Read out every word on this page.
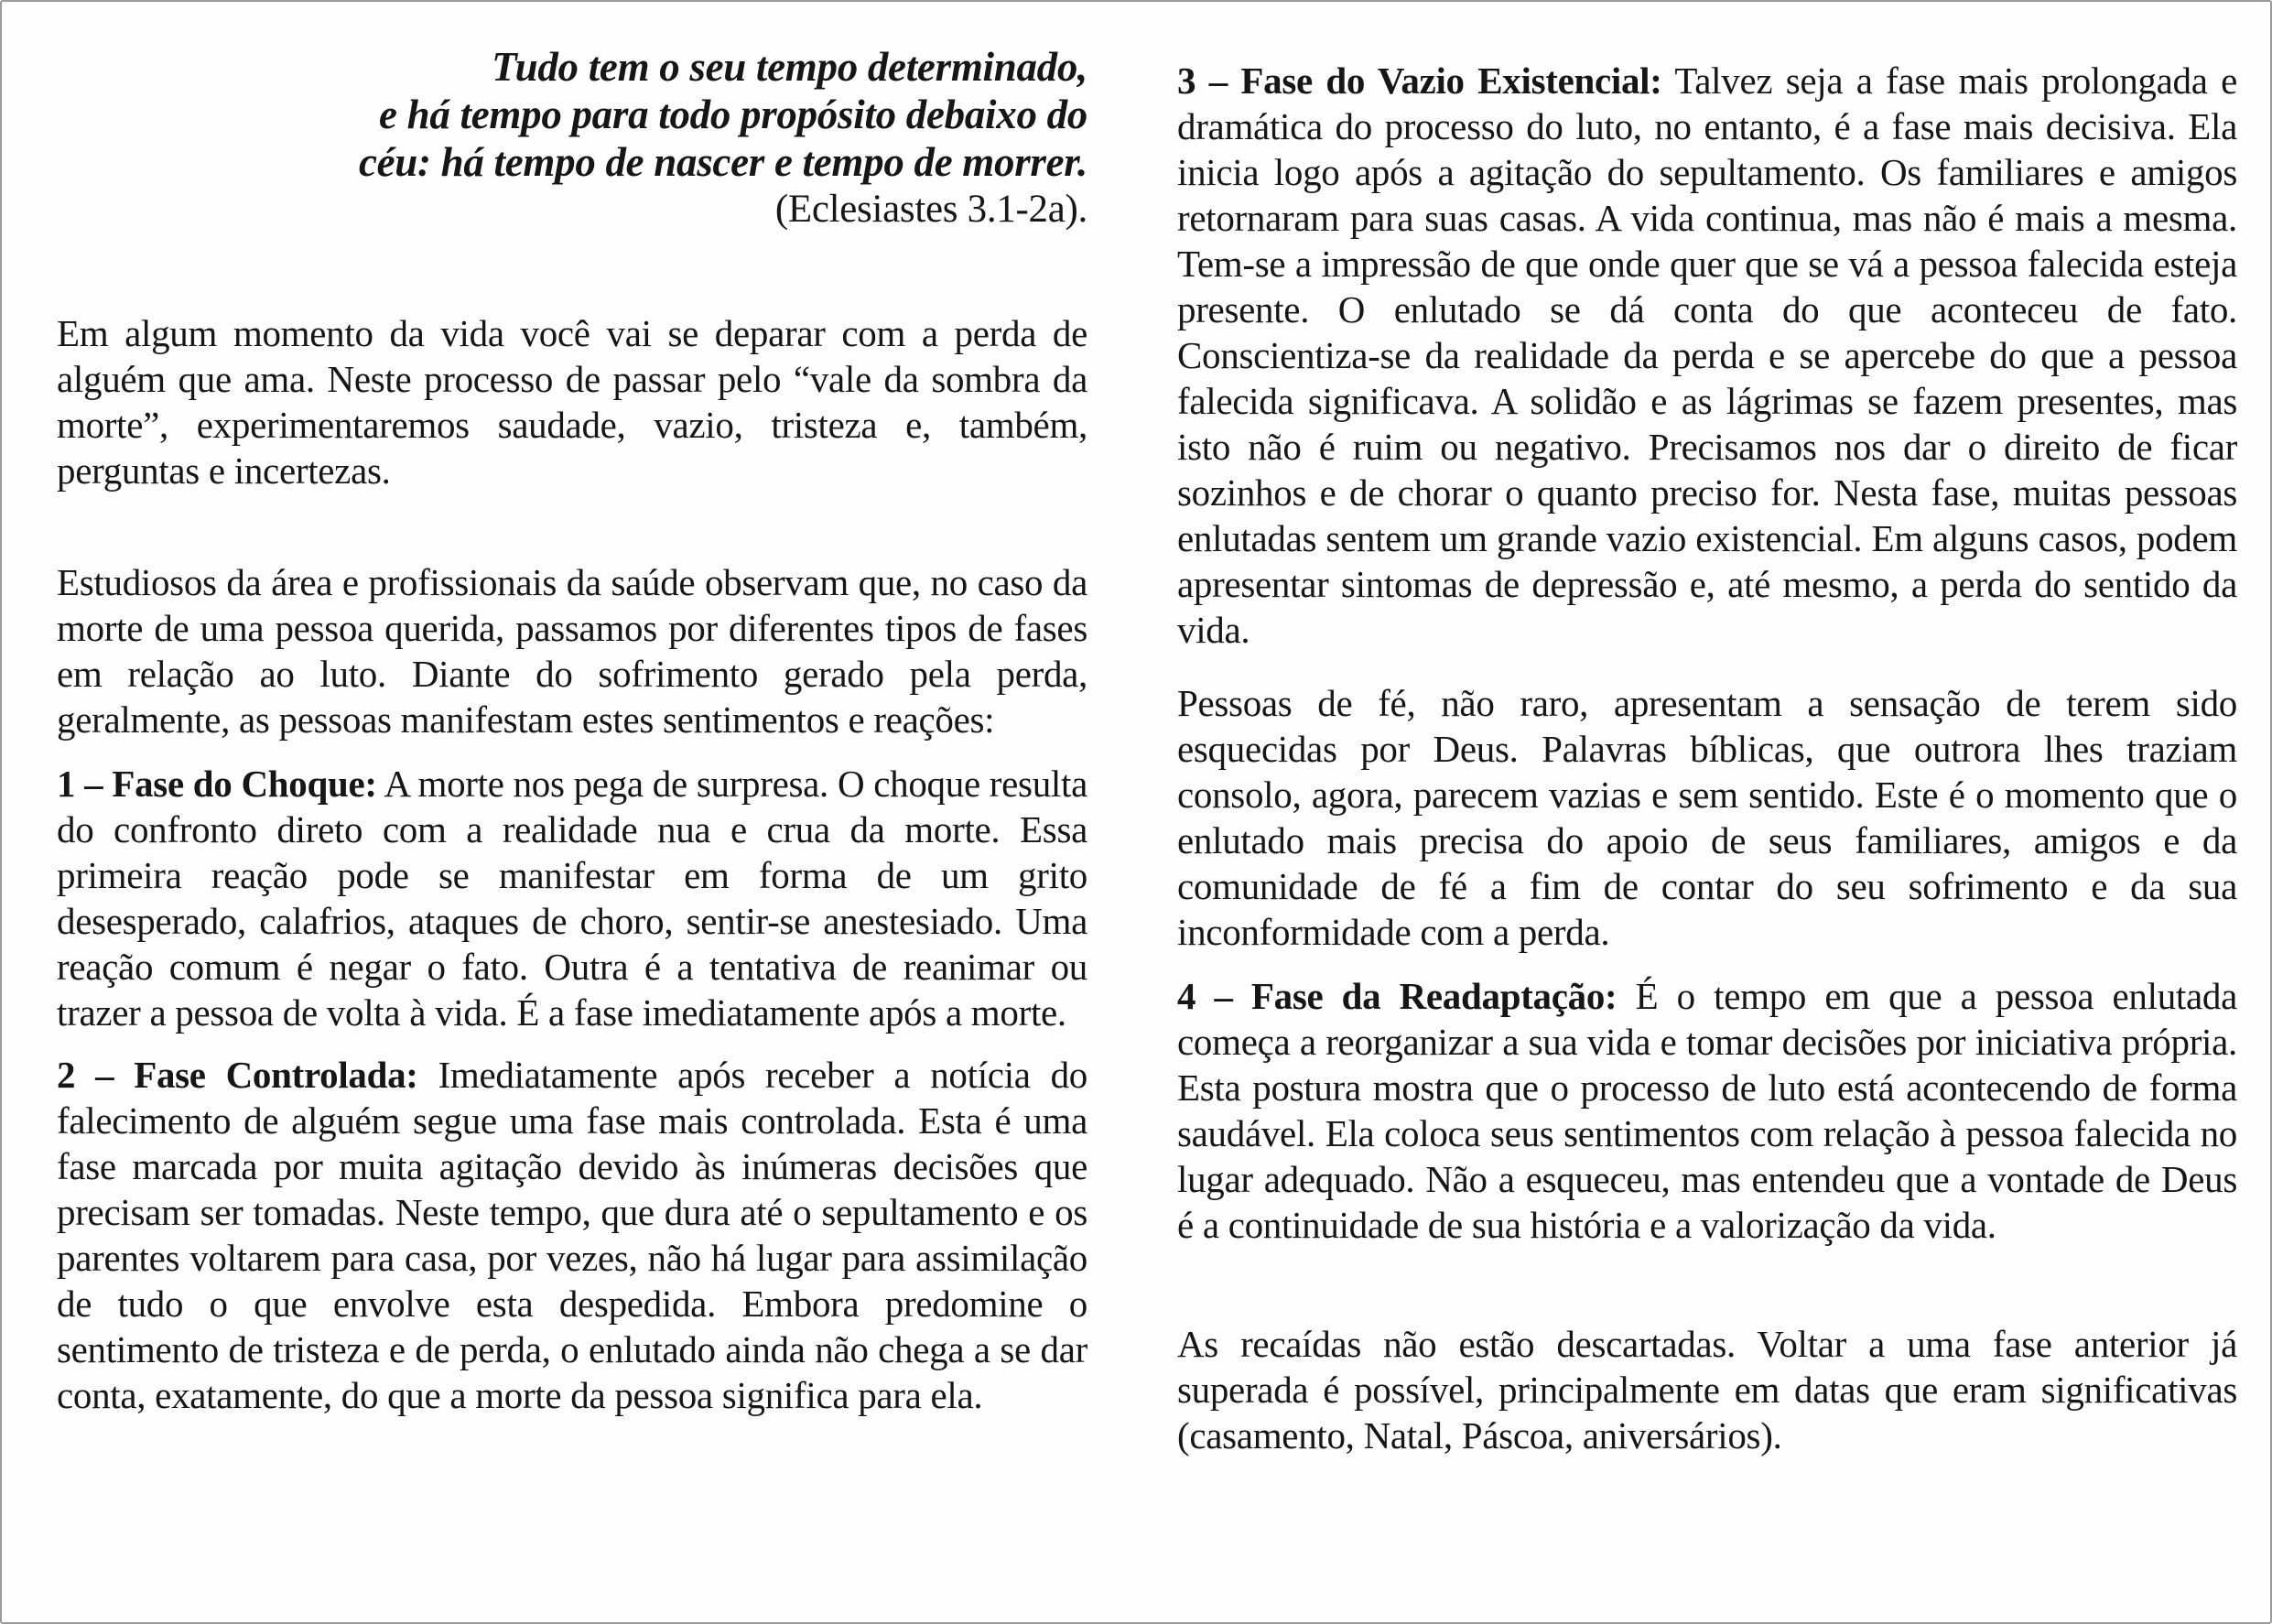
Tudo tem o seu tempo determinado,
e há tempo para todo propósito debaixo do
céu: há tempo de nascer e tempo de morrer.
(Eclesiastes 3.1-2a).

Em algum momento da vida você vai se deparar com a perda de alguém que ama. Neste processo de passar pelo “vale da sombra da morte”, experimentaremos saudade, vazio, tristeza e, também, perguntas e incertezas.

Estudiosos da área e profissionais da saúde observam que, no caso da morte de uma pessoa querida, passamos por diferentes tipos de fases em relação ao luto. Diante do sofrimento gerado pela perda, geralmente, as pessoas manifestam estes sentimentos e reações:

1 – Fase do Choque: A morte nos pega de surpresa. O choque resulta do confronto direto com a realidade nua e crua da morte. Essa primeira reação pode se manifestar em forma de um grito desesperado, calafrios, ataques de choro, sentir-se anestesiado. Uma reação comum é negar o fato. Outra é a tentativa de reanimar ou trazer a pessoa de volta à vida. É a fase imediatamente após a morte.

2 – Fase Controlada: Imediatamente após receber a notícia do falecimento de alguém segue uma fase mais controlada. Esta é uma fase marcada por muita agitação devido às inúmeras decisões que precisam ser tomadas. Neste tempo, que dura até o sepultamento e os parentes voltarem para casa, por vezes, não há lugar para assimilação de tudo o que envolve esta despedida. Embora predomine o sentimento de tristeza e de perda, o enlutado ainda não chega a se dar conta, exatamente, do que a morte da pessoa significa para ela.

3 – Fase do Vazio Existencial: Talvez seja a fase mais prolongada e dramática do processo do luto, no entanto, é a fase mais decisiva. Ela inicia logo após a agitação do sepultamento. Os familiares e amigos retornaram para suas casas. A vida continua, mas não é mais a mesma. Tem-se a impressão de que onde quer que se vá a pessoa falecida esteja presente. O enlutado se dá conta do que aconteceu de fato. Conscientiza-se da realidade da perda e se apercebe do que a pessoa falecida significava. A solidão e as lágrimas se fazem presentes, mas isto não é ruim ou negativo. Precisamos nos dar o direito de ficar sozinhos e de chorar o quanto preciso for. Nesta fase, muitas pessoas enlutadas sentem um grande vazio existencial. Em alguns casos, podem apresentar sintomas de depressão e, até mesmo, a perda do sentido da vida.

Pessoas de fé, não raro, apresentam a sensação de terem sido esquecidas por Deus. Palavras bíblicas, que outrora lhes traziam consolo, agora, parecem vazias e sem sentido. Este é o momento que o enlutado mais precisa do apoio de seus familiares, amigos e da comunidade de fé a fim de contar do seu sofrimento e da sua inconformidade com a perda.

4 – Fase da Readaptação: É o tempo em que a pessoa enlutada começa a reorganizar a sua vida e tomar decisões por iniciativa própria. Esta postura mostra que o processo de luto está acontecendo de forma saudável. Ela coloca seus sentimentos com relação à pessoa falecida no lugar adequado. Não a esqueceu, mas entendeu que a vontade de Deus é a continuidade de sua história e a valorização da vida.

As recaídas não estão descartadas. Voltar a uma fase anterior já superada é possível, principalmente em datas que eram significativas (casamento, Natal, Páscoa, aniversários).
